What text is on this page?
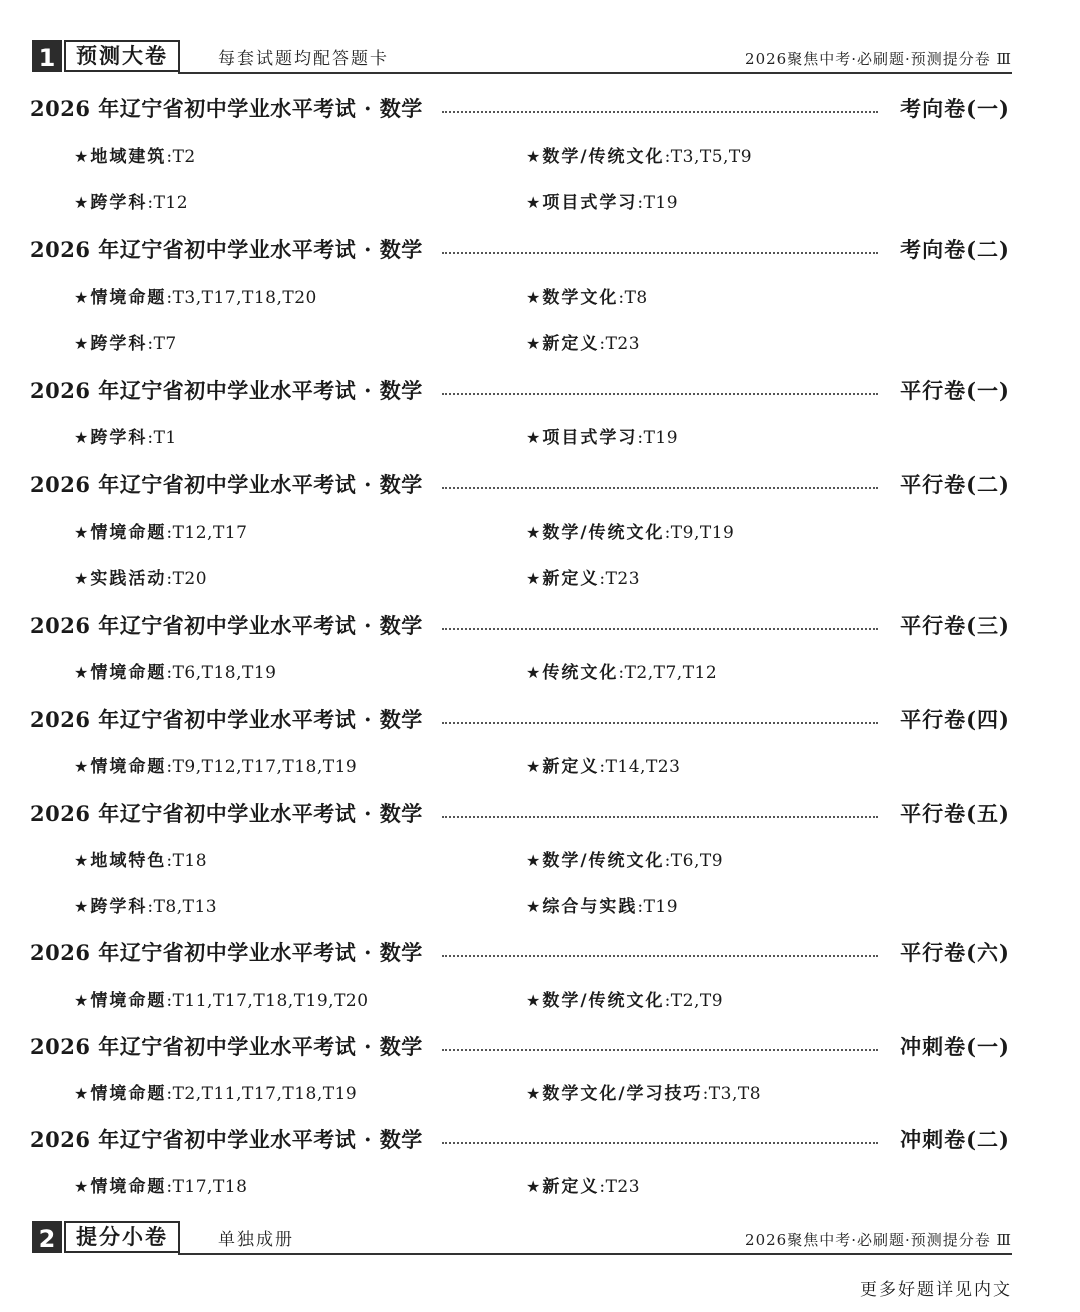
1 预测大卷	每套试题均配答题卡	2026聚焦中考·必刷题·预测提分卷 Ⅲ
2026 年辽宁省初中学业水平考试 · 数学	考向卷(一)
★ 地域建筑:T2	★ 数学/传统文化:T3,T5,T9
★ 跨学科:T12	★ 项目式学习:T19
2026 年辽宁省初中学业水平考试 · 数学	考向卷(二)
★ 情境命题:T3,T17,T18,T20	★ 数学文化:T8
★ 跨学科:T7	★ 新定义:T23
2026 年辽宁省初中学业水平考试 · 数学	平行卷(一)
★ 跨学科:T1	★ 项目式学习:T19
2026 年辽宁省初中学业水平考试 · 数学	平行卷(二)
★ 情境命题:T12,T17	★ 数学/传统文化:T9,T19
★ 实践活动:T20	★ 新定义:T23
2026 年辽宁省初中学业水平考试 · 数学	平行卷(三)
★ 情境命题:T6,T18,T19	★ 传统文化:T2,T7,T12
2026 年辽宁省初中学业水平考试 · 数学	平行卷(四)
★ 情境命题:T9,T12,T17,T18,T19	★ 新定义:T14,T23
2026 年辽宁省初中学业水平考试 · 数学	平行卷(五)
★ 地域特色:T18	★ 数学/传统文化:T6,T9
★ 跨学科:T8,T13	★ 综合与实践:T19
2026 年辽宁省初中学业水平考试 · 数学	平行卷(六)
★ 情境命题:T11,T17,T18,T19,T20	★ 数学/传统文化:T2,T9
2026 年辽宁省初中学业水平考试 · 数学	冲刺卷(一)
★ 情境命题:T2,T11,T17,T18,T19	★ 数学文化/学习技巧:T3,T8
2026 年辽宁省初中学业水平考试 · 数学	冲刺卷(二)
★ 情境命题:T17,T18	★ 新定义:T23
2 提分小卷	单独成册	2026聚焦中考·必刷题·预测提分卷 Ⅲ
更多好题详见内文
